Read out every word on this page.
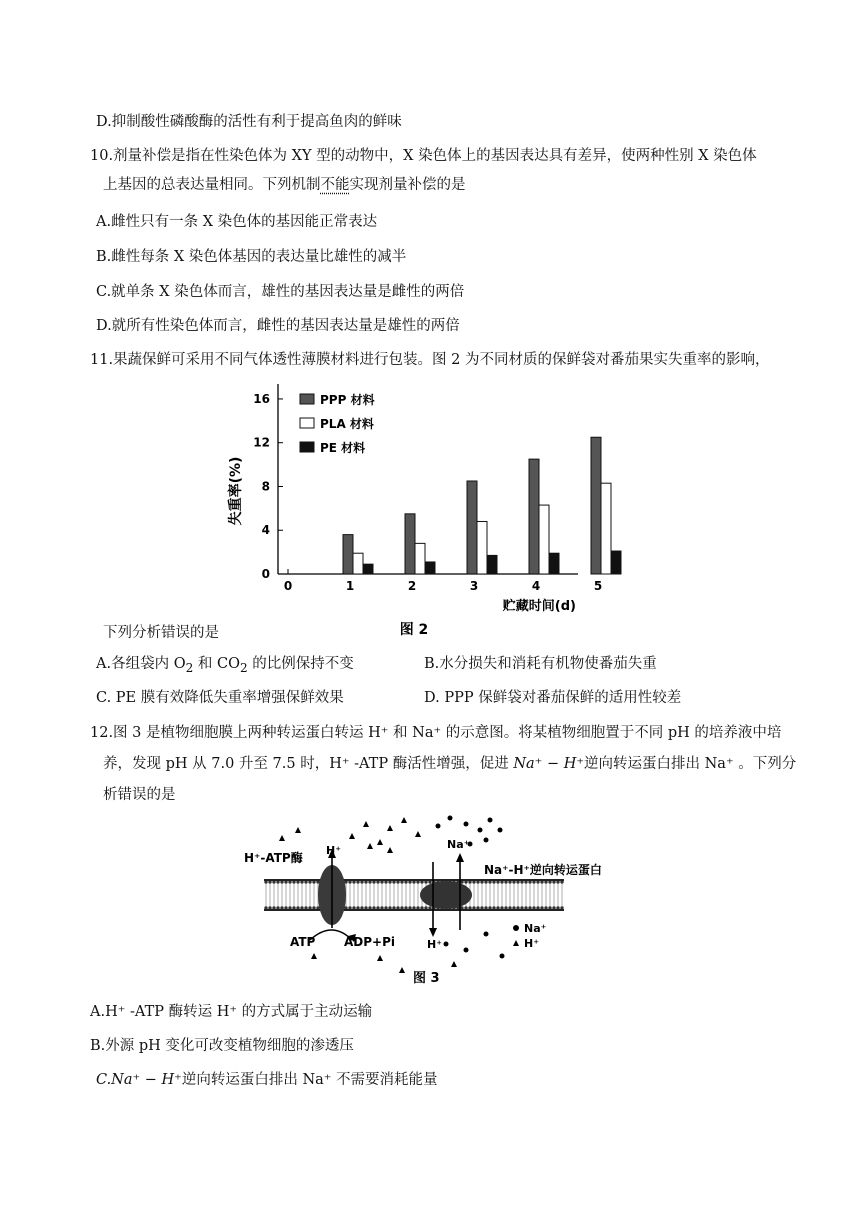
D.抑制酸性磷酸酶的活性有利于提高鱼肉的鲜味
10.剂量补偿是指在性染色体为 XY 型的动物中，X 染色体上的基因表达具有差异，使两种性别 X 染色体
上基因的总表达量相同。下列机制不能实现剂量补偿的是
A.雌性只有一条 X 染色体的基因能正常表达
B.雌性每条 X 染色体基因的表达量比雄性的减半
C.就单条 X 染色体而言，雄性的基因表达量是雌性的两倍
D.就所有性染色体而言，雌性的基因表达量是雄性的两倍
11.果蔬保鲜可采用不同气体透性薄膜材料进行包装。图 2 为不同材质的保鲜袋对番茄果实失重率的影响，
0
4
8
12
16
0	1	2	3	4	5
PPP 材料
PLA 材料
PE 材料
失重率(%)
贮藏时间(d)
图 2
下列分析错误的是
A.各组袋内 $O_2$ 和 $CO_2$ 的比例保持不变	B.水分损失和消耗有机物使番茄失重
C. PE 膜有效降低失重率增强保鲜效果	D. PPP 保鲜袋对番茄保鲜的适用性较差
12.图 3 是植物细胞膜上两种转运蛋白转运 H⁺ 和 Na⁺ 的示意图。将某植物细胞置于不同 pH 的培养液中培
养，发现 pH 从 7.0 升至 7.5 时，H⁺ -ATP 酶活性增强，促进 Na⁺ − H⁺逆向转运蛋白排出 Na⁺ 。下列分
析错误的是
H⁺-ATP酶
H⁺	Na⁺
Na⁺-H⁺逆向转运蛋白
ATP ADP+Pi	H⁺
Na⁺
H⁺
图 3
A.H⁺ -ATP 酶转运 H⁺ 的方式属于主动运输
B.外源 pH 变化可改变植物细胞的渗透压
C.Na⁺ − H⁺逆向转运蛋白排出 Na⁺ 不需要消耗能量
